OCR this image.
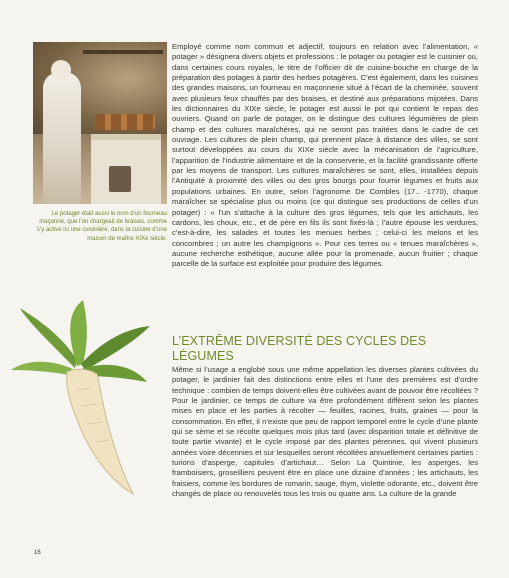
Le potager était aussi le nom d’un fourneau maçonné, que l’on chargeait de braises, comme s’y active ici une cuisinière, dans la cuisine d’une maison de maître XIXe siècle.

Employé comme nom commun et adjectif, toujours en relation avec l’alimentation, « potager » désignera divers objets et professions : le potager ou potagier est le cuisinier ou, dans certaines cours royales, le titre de l’officier dit de cuisine-bouche en charge de la préparation des potages à partir des herbes potagères. C’est également, dans les cuisines des grandes maisons, un fourneau en maçonnerie situé à l’écart de la cheminée, souvent avec plusieurs feux chauffés par des braises, et destiné aux préparations mijotées. Dans les dictionnaires du XIXe siècle, le potager est aussi le pot qui contient le repas des ouvriers. Quand on parle de potager, on le distingue des cultures légumières de plein champ et des cultures maraîchères, qui ne seront pas traitées dans le cadre de cet ouvrage. Les cultures de plein champ, qui prennent place à distance des villes, se sont surtout développées au cours du XIXe siècle avec la mécanisation de l’agriculture, l’apparition de l’industrie alimentaire et de la conserverie, et la facilité grandissante offerte par les moyens de transport. Les cultures maraîchères se sont, elles, installées depuis l’Antiquité à proximité des villes ou des gros bourgs pour fournir légumes et fruits aux populations urbaines. En outre, selon l’agronome De Combles (17.. -1770), chaque maraîcher se spécialise plus ou moins (ce qui distingue ses productions de celles d’un potager) : « l’un s’attache à la culture des gros légumes, tels que les artichauts, les cardons, les choux, etc., et de père en fils ils sont fixés-là ; l’autre épouse les verdures, c’est-à-dire, les salades et toutes les menues herbes ; celui-ci les melons et les concombres ; un autre les champignons ». Pour ces terres ou « tenues maraîchères », aucune recherche esthétique, aucune allée pour la promenade, aucun fruitier ; chaque parcelle de la surface est exploitée pour produire des légumes.

L’EXTRÊME DIVERSITÉ DES CYCLES DES LÉGUMES

Même si l’usage a englobé sous une même appellation les diverses plantes cultivées du potager, le jardinier fait des distinctions entre elles et l’une des premières est d’ordre technique : combien de temps doivent-elles être cultivées avant de pouvoir être récoltées ? Pour le jardinier, ce temps de culture va être profondément différent selon les plantes mises en place et les parties à récolter — feuilles, racines, fruits, graines — pour la consommation. En effet, il n’existe que peu de rapport temporel entre le cycle d’une plante qui se sème et se récolte quelques mois plus tard (avec disparition totale et définitive de toute partie vivante) et le cycle imposé par des plantes pérennes, qui vivent plusieurs années voire décennies et sur lesquelles seront récoltées annuellement certaines parties : turions d’asperge, capitules d’artichaut… Selon La Quintinie, les asperges, les framboisiers, groseilliers peuvent être en place une dizaine d’années ; les artichauts, les fraisiers, comme les bordures de romarin, sauge, thym, violette odorante, etc., doivent être changés de place ou renouvelés tous les trois ou quatre ans. La culture de la grande

16
